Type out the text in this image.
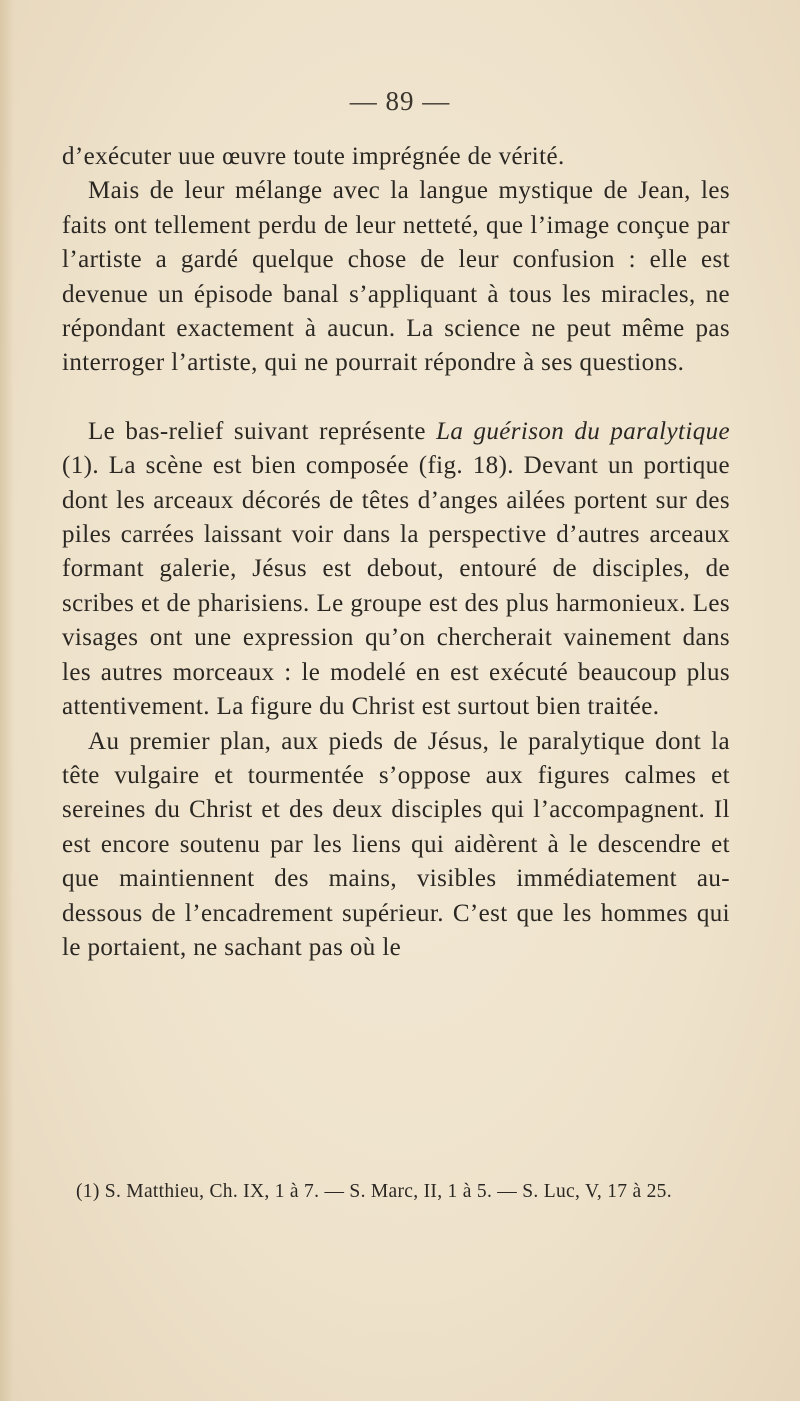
— 89 —

d’exécuter uue œuvre toute imprégnée de vérité.

Mais de leur mélange avec la langue mystique de Jean, les faits ont tellement perdu de leur netteté, que l’image conçue par l’artiste a gardé quelque chose de leur confusion : elle est devenue un épisode banal s’appliquant à tous les miracles, ne répondant exactement à aucun. La science ne peut même pas interroger l’artiste, qui ne pourrait répondre à ses questions.

Le bas-relief suivant représente La guérison du paralytique (1). La scène est bien composée (fig. 18). Devant un portique dont les arceaux décorés de têtes d’anges ailées portent sur des piles carrées laissant voir dans la perspective d’autres arceaux formant galerie, Jésus est debout, entouré de disciples, de scribes et de pharisiens. Le groupe est des plus harmonieux. Les visages ont une expression qu’on chercherait vainement dans les autres morceaux : le modelé en est exécuté beaucoup plus attentivement. La figure du Christ est surtout bien traitée.

Au premier plan, aux pieds de Jésus, le paralytique dont la tête vulgaire et tourmentée s’oppose aux figures calmes et sereines du Christ et des deux disciples qui l’accompagnent. Il est encore soutenu par les liens qui aidèrent à le descendre et que maintiennent des mains, visibles immédiatement au-dessous de l’encadrement supérieur. C’est que les hommes qui le portaient, ne sachant pas où le

(1) S. Matthieu, Ch. IX, 1 à 7. — S. Marc, II, 1 à 5. — S. Luc, V, 17 à 25.
